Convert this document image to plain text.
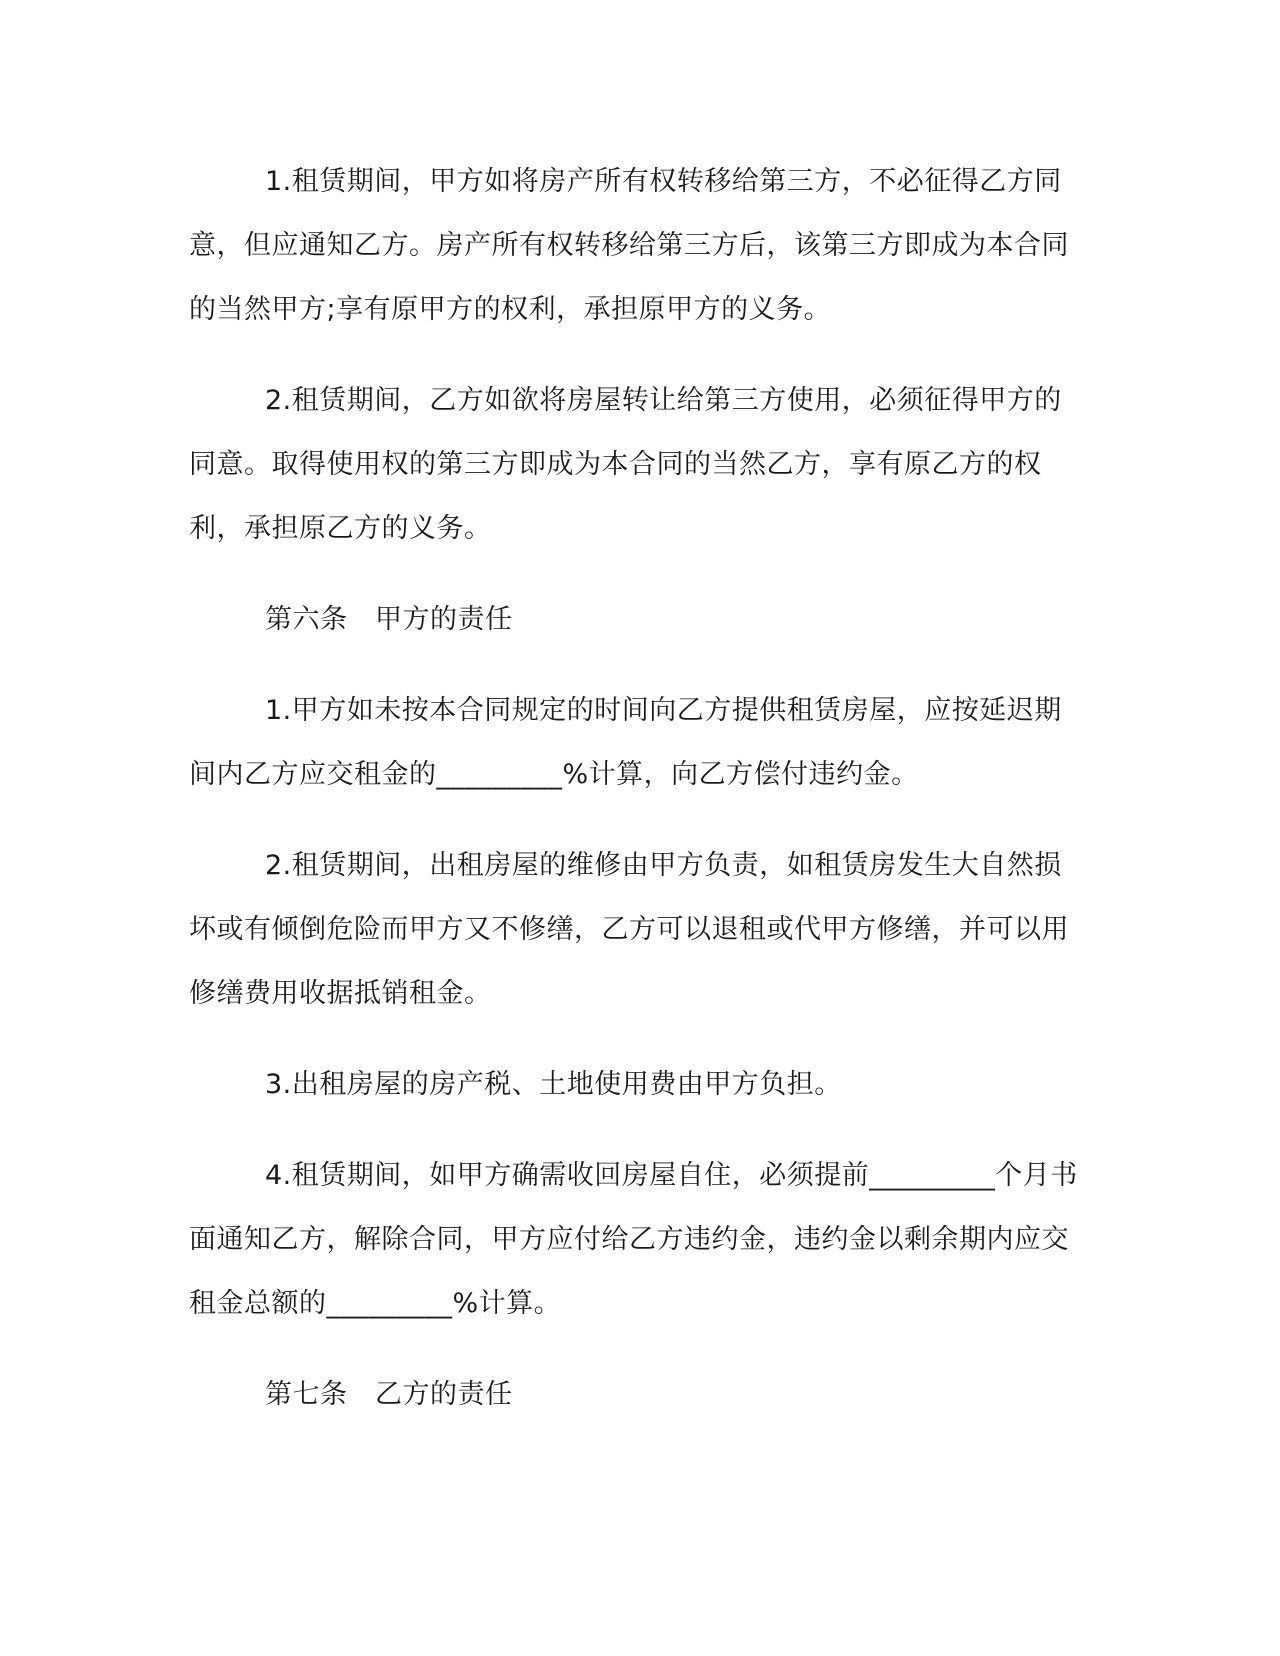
1.租赁期间，甲方如将房产所有权转移给第三方，不必征得乙方同意，但应通知乙方。房产所有权转移给第三方后，该第三方即成为本合同的当然甲方;享有原甲方的权利，承担原甲方的义务。

2.租赁期间，乙方如欲将房屋转让给第三方使用，必须征得甲方的同意。取得使用权的第三方即成为本合同的当然乙方，享有原乙方的权利，承担原乙方的义务。

第六条　甲方的责任

1.甲方如未按本合同规定的时间向乙方提供租赁房屋，应按延迟期间内乙方应交租金的_________%计算，向乙方偿付违约金。

2.租赁期间，出租房屋的维修由甲方负责，如租赁房发生大自然损坏或有倾倒危险而甲方又不修缮，乙方可以退租或代甲方修缮，并可以用修缮费用收据抵销租金。

3.出租房屋的房产税、土地使用费由甲方负担。

4.租赁期间，如甲方确需收回房屋自住，必须提前_________个月书面通知乙方，解除合同，甲方应付给乙方违约金，违约金以剩余期内应交租金总额的_________%计算。

第七条　乙方的责任
